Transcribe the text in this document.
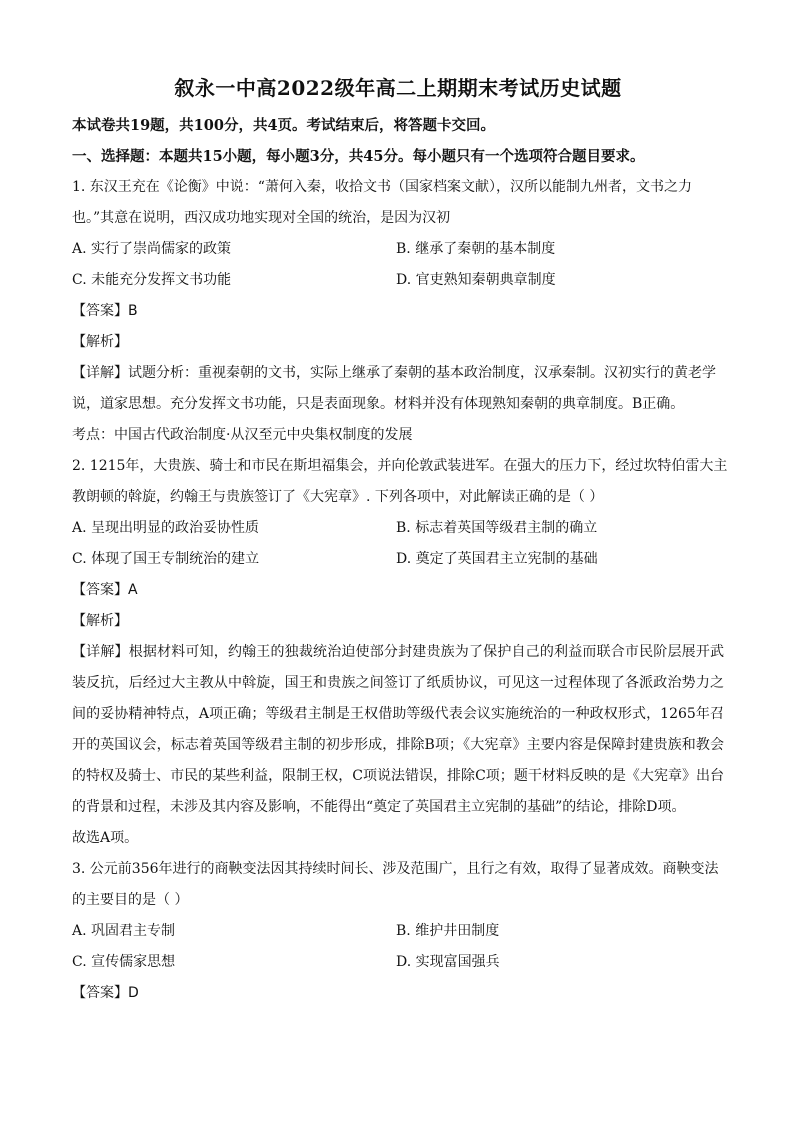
叙永一中高2022级年高二上期期末考试历史试题
本试卷共19题，共100分，共4页。考试结束后，将答题卡交回。
一、选择题：本题共15小题，每小题3分，共45分。每小题只有一个选项符合题目要求。
1. 东汉王充在《论衡》中说：“萧何入秦，收拾文书（国家档案文献），汉所以能制九州者，文书之力
也。”其意在说明，西汉成功地实现对全国的统治，是因为汉初
A. 实行了崇尚儒家的政策	B. 继承了秦朝的基本制度
C. 未能充分发挥文书功能	D. 官吏熟知秦朝典章制度
【答案】B
【解析】
【详解】试题分析：重视秦朝的文书，实际上继承了秦朝的基本政治制度，汉承秦制。汉初实行的黄老学
说，道家思想。充分发挥文书功能，只是表面现象。材料并没有体现熟知秦朝的典章制度。B正确。
考点：中国古代政治制度·从汉至元中央集权制度的发展
2. 1215年，大贵族、骑士和市民在斯坦福集会，并向伦敦武装进军。在强大的压力下，经过坎特伯雷大主
教朗顿的斡旋，约翰王与贵族签订了《大宪章》. 下列各项中，对此解读正确的是（ ）
A. 呈现出明显的政治妥协性质	B. 标志着英国等级君主制的确立
C. 体现了国王专制统治的建立	D. 奠定了英国君主立宪制的基础
【答案】A
【解析】
【详解】根据材料可知，约翰王的独裁统治迫使部分封建贵族为了保护自己的利益而联合市民阶层展开武装反抗，后经过大主教从中斡旋，国王和贵族之间签订了纸质协议，可见这一过程体现了各派政治势力之间的妥协精神特点，A项正确；等级君主制是王权借助等级代表会议实施统治的一种政权形式，1265年召开的英国议会，标志着英国等级君主制的初步形成，排除B项；《大宪章》主要内容是保障封建贵族和教会的特权及骑士、市民的某些利益，限制王权，C项说法错误，排除C项；题干材料反映的是《大宪章》出台的背景和过程，未涉及其内容及影响，不能得出“奠定了英国君主立宪制的基础”的结论，排除D项。
故选A项。
3. 公元前356年进行的商鞅变法因其持续时间长、涉及范围广，且行之有效，取得了显著成效。商鞅变法
的主要目的是（ ）
A. 巩固君主专制	B. 维护井田制度
C. 宣传儒家思想	D. 实现富国强兵
【答案】D
